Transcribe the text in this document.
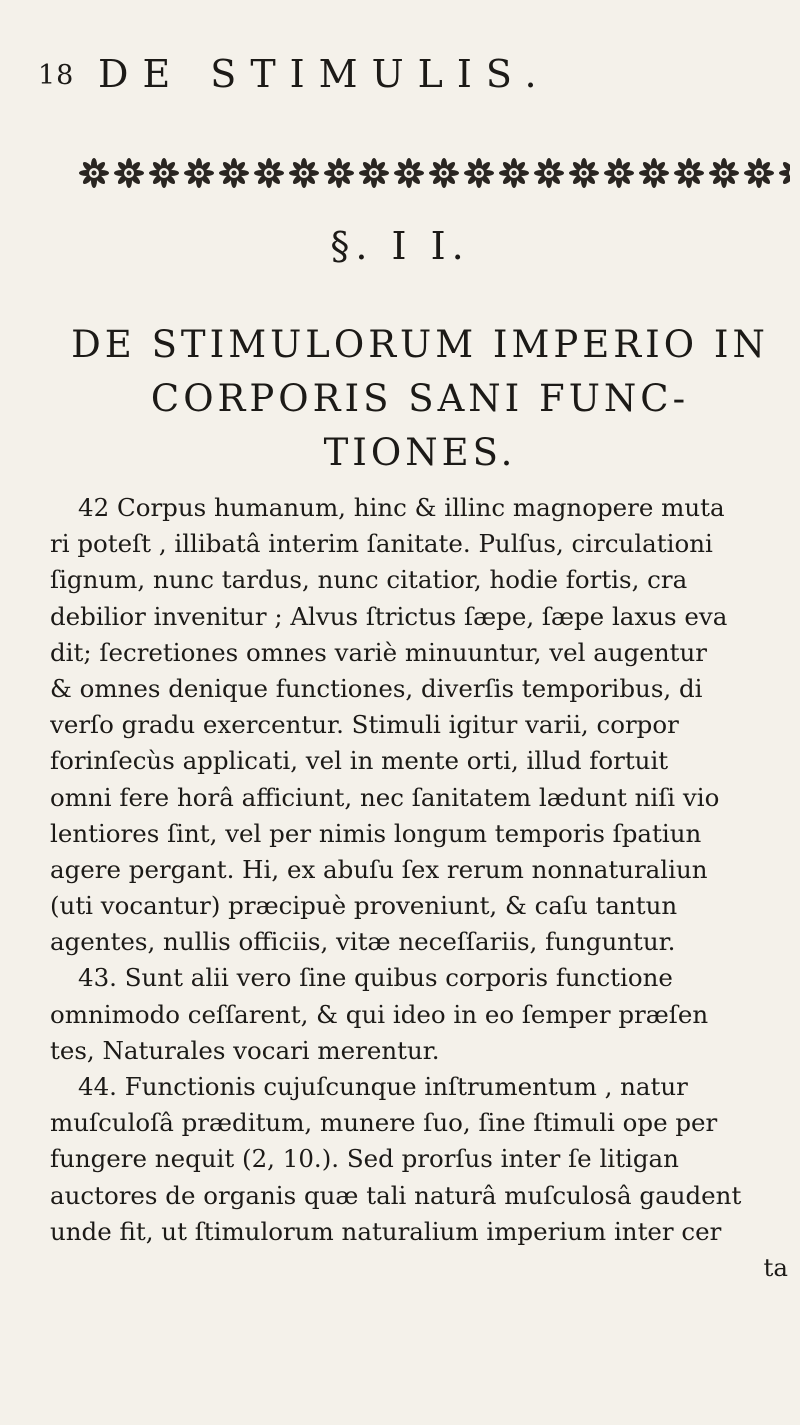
18 DE STIMULIS.
§. I I.
DE STIMULORUM IMPERIO IN
CORPORIS SANI FUNC-
TIONES.
42 Corpus humanum, hinc & illinc magnopere muta
ri poteſt , illibatâ interim ſanitate. Pulſus, circulationi
ſignum, nunc tardus, nunc citatior, hodie fortis, cra
debilior invenitur ; Alvus ſtrictus ſæpe, ſæpe laxus eva
dit; ſecretiones omnes variè minuuntur, vel augentur
& omnes denique functiones, diverſis temporibus, di
verſo gradu exercentur. Stimuli igitur varii, corpor
forinſecùs applicati, vel in mente orti, illud fortuit
omni fere horâ afficiunt, nec ſanitatem lædunt niſi vio
lentiores ſint, vel per nimis longum temporis ſpatiun
agere pergant. Hi, ex abuſu ſex rerum nonnaturaliun
(uti vocantur) præcipuè proveniunt, & caſu tantun
agentes, nullis officiis, vitæ neceſſariis, funguntur.
43. Sunt alii vero ſine quibus corporis functione
omnimodo ceſſarent, & qui ideo in eo ſemper præſen
tes, Naturales vocari merentur.
44. Functionis cujuſcunque inſtrumentum , natur
muſculoſâ præditum, munere ſuo, ſine ſtimuli ope per
fungere nequit (2, 10.). Sed prorſus inter ſe litigan
auctores de organis quæ tali naturâ muſculosâ gaudent
unde fit, ut ſtimulorum naturalium imperium inter cer
ta
